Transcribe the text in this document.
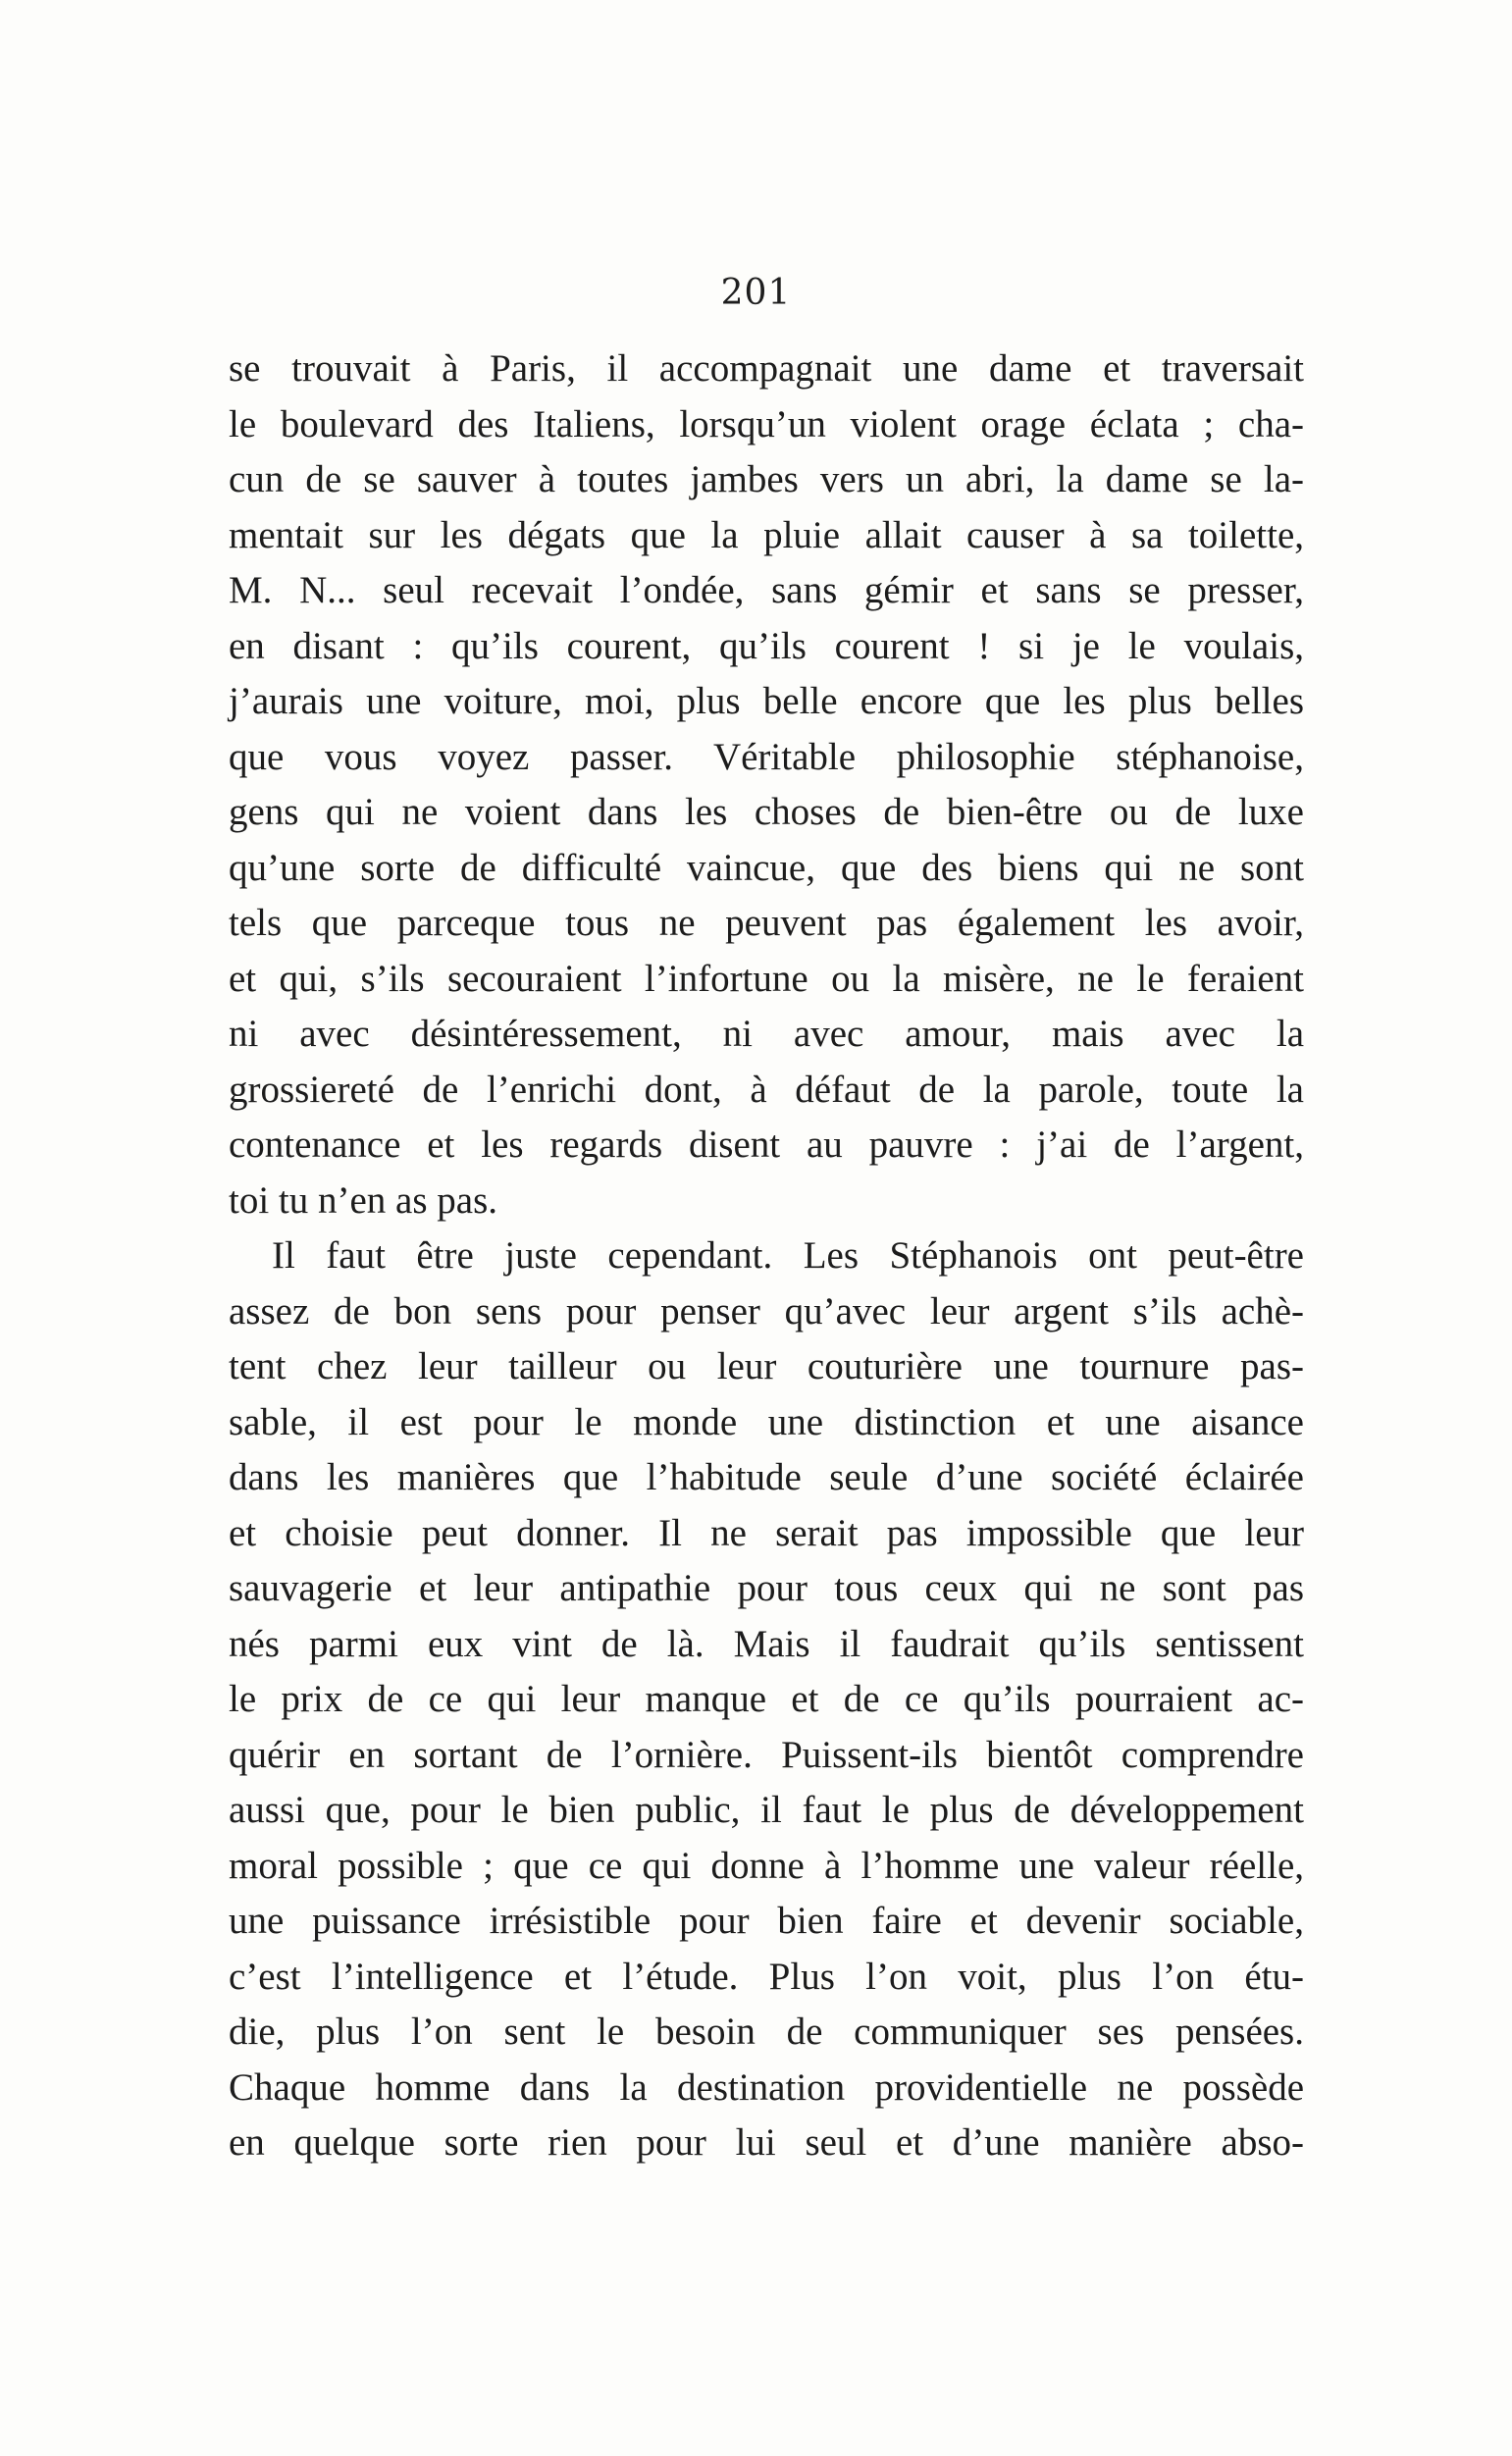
201
se trouvait à Paris, il accompagnait une dame et traversait
le boulevard des Italiens, lorsqu’un violent orage éclata ; cha-
cun de se sauver à toutes jambes vers un abri, la dame se la-
mentait sur les dégats que la pluie allait causer à sa toilette,
M. N... seul recevait l’ondée, sans gémir et sans se presser,
en disant : qu’ils courent, qu’ils courent ! si je le voulais,
j’aurais une voiture, moi, plus belle encore que les plus belles
que vous voyez passer. Véritable philosophie stéphanoise,
gens qui ne voient dans les choses de bien-être ou de luxe
qu’une sorte de difficulté vaincue, que des biens qui ne sont
tels que parceque tous ne peuvent pas également les avoir,
et qui, s’ils secouraient l’infortune ou la misère, ne le feraient
ni avec désintéressement, ni avec amour, mais avec la
grossiereté de l’enrichi dont, à défaut de la parole, toute la
contenance et les regards disent au pauvre : j’ai de l’argent,
toi tu n’en as pas.
Il faut être juste cependant. Les Stéphanois ont peut-être
assez de bon sens pour penser qu’avec leur argent s’ils achè-
tent chez leur tailleur ou leur couturière une tournure pas-
sable, il est pour le monde une distinction et une aisance
dans les manières que l’habitude seule d’une société éclairée
et choisie peut donner. Il ne serait pas impossible que leur
sauvagerie et leur antipathie pour tous ceux qui ne sont pas
nés parmi eux vint de là. Mais il faudrait qu’ils sentissent
le prix de ce qui leur manque et de ce qu’ils pourraient ac-
quérir en sortant de l’ornière. Puissent-ils bientôt comprendre
aussi que, pour le bien public, il faut le plus de développement
moral possible ; que ce qui donne à l’homme une valeur réelle,
une puissance irrésistible pour bien faire et devenir sociable,
c’est l’intelligence et l’étude. Plus l’on voit, plus l’on étu-
die, plus l’on sent le besoin de communiquer ses pensées.
Chaque homme dans la destination providentielle ne possède
en quelque sorte rien pour lui seul et d’une manière abso-
